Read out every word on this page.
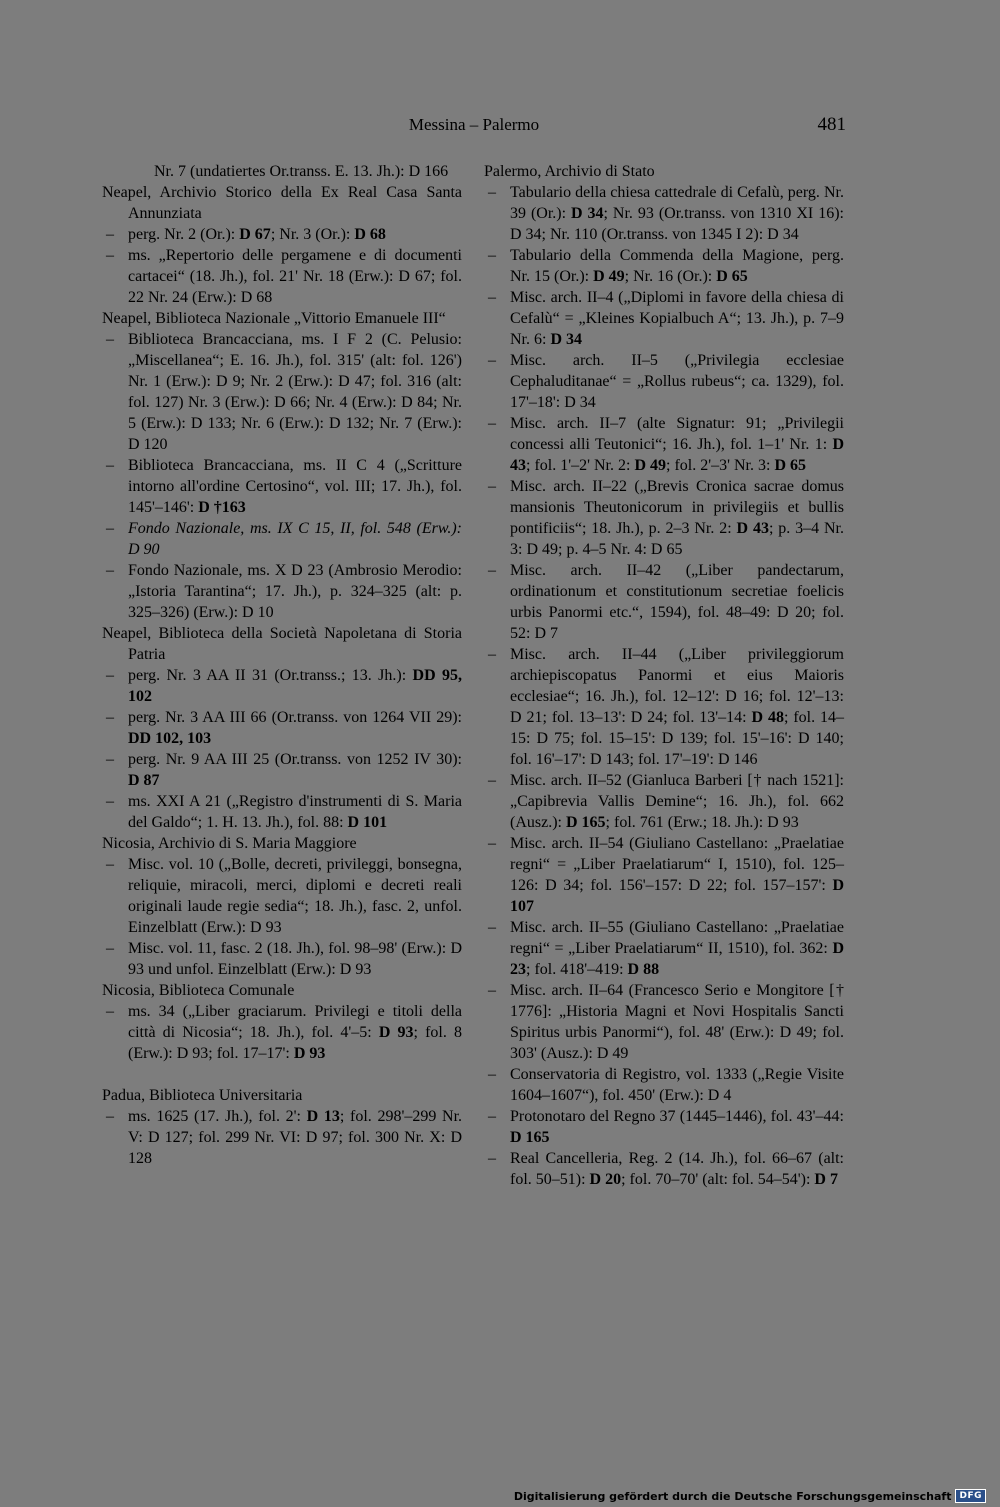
Messina – Palermo	481

Nr. 7 (undatiertes Or.transs. E. 13. Jh.): D 166

Neapel, Archivio Storico della Ex Real Casa Santa Annunziata

– perg. Nr. 2 (Or.): D 67; Nr. 3 (Or.): D 68

– ms. „Repertorio delle pergamene e di documenti cartacei“ (18. Jh.), fol. 21' Nr. 18 (Erw.): D 67; fol. 22 Nr. 24 (Erw.): D 68

Neapel, Biblioteca Nazionale „Vittorio Emanuele III“

– Biblioteca Brancacciana, ms. I F 2 (C. Pelusio: „Miscellanea“; E. 16. Jh.), fol. 315' (alt: fol. 126') Nr. 1 (Erw.): D 9; Nr. 2 (Erw.): D 47; fol. 316 (alt: fol. 127) Nr. 3 (Erw.): D 66; Nr. 4 (Erw.): D 84; Nr. 5 (Erw.): D 133; Nr. 6 (Erw.): D 132; Nr. 7 (Erw.): D 120

– Biblioteca Brancacciana, ms. II C 4 („Scritture intorno all'ordine Certosino“, vol. III; 17. Jh.), fol. 145'–146': D †163

– Fondo Nazionale, ms. IX C 15, II, fol. 548 (Erw.): D 90

– Fondo Nazionale, ms. X D 23 (Ambrosio Merodio: „Istoria Tarantina“; 17. Jh.), p. 324–325 (alt: p. 325–326) (Erw.): D 10

Neapel, Biblioteca della Società Napoletana di Storia Patria

– perg. Nr. 3 AA II 31 (Or.transs.; 13. Jh.): DD 95, 102

– perg. Nr. 3 AA III 66 (Or.transs. von 1264 VII 29): DD 102, 103

– perg. Nr. 9 AA III 25 (Or.transs. von 1252 IV 30): D 87

– ms. XXI A 21 („Registro d'instrumenti di S. Maria del Galdo“; 1. H. 13. Jh.), fol. 88: D 101

Nicosia, Archivio di S. Maria Maggiore

– Misc. vol. 10 („Bolle, decreti, privileggi, bonsegna, reliquie, miracoli, merci, diplomi e decreti reali originali laude regie sedia“; 18. Jh.), fasc. 2, unfol. Einzelblatt (Erw.): D 93

– Misc. vol. 11, fasc. 2 (18. Jh.), fol. 98–98' (Erw.): D 93 und unfol. Einzelblatt (Erw.): D 93

Nicosia, Biblioteca Comunale

– ms. 34 („Liber graciarum. Privilegi e titoli della città di Nicosia“; 18. Jh.), fol. 4'–5: D 93; fol. 8 (Erw.): D 93; fol. 17–17': D 93

Padua, Biblioteca Universitaria

– ms. 1625 (17. Jh.), fol. 2': D 13; fol. 298'–299 Nr. V: D 127; fol. 299 Nr. VI: D 97; fol. 300 Nr. X: D 128

Palermo, Archivio di Stato

– Tabulario della chiesa cattedrale di Cefalù, perg. Nr. 39 (Or.): D 34; Nr. 93 (Or.transs. von 1310 XI 16): D 34; Nr. 110 (Or.transs. von 1345 I 2): D 34

– Tabulario della Commenda della Magione, perg. Nr. 15 (Or.): D 49; Nr. 16 (Or.): D 65

– Misc. arch. II–4 („Diplomi in favore della chiesa di Cefalù“ = „Kleines Kopialbuch A“; 13. Jh.), p. 7–9 Nr. 6: D 34

– Misc. arch. II–5 („Privilegia ecclesiae Cephaluditanae“ = „Rollus rubeus“; ca. 1329), fol. 17'–18': D 34

– Misc. arch. II–7 (alte Signatur: 91; „Privilegii concessi alli Teutonici“; 16. Jh.), fol. 1–1' Nr. 1: D 43; fol. 1'–2' Nr. 2: D 49; fol. 2'–3' Nr. 3: D 65

– Misc. arch. II–22 („Brevis Cronica sacrae domus mansionis Theutonicorum in privilegiis et bullis pontificiis“; 18. Jh.), p. 2–3 Nr. 2: D 43; p. 3–4 Nr. 3: D 49; p. 4–5 Nr. 4: D 65

– Misc. arch. II–42 („Liber pandectarum, ordinationum et constitutionum secretiae foelicis urbis Panormi etc.“, 1594), fol. 48–49: D 20; fol. 52: D 7

– Misc. arch. II–44 („Liber privileggiorum archiepiscopatus Panormi et eius Maioris ecclesiae“; 16. Jh.), fol. 12–12': D 16; fol. 12'–13: D 21; fol. 13–13': D 24; fol. 13'–14: D 48; fol. 14–15: D 75; fol. 15–15': D 139; fol. 15'–16': D 140; fol. 16'–17': D 143; fol. 17'–19': D 146

– Misc. arch. II–52 (Gianluca Barberi [† nach 1521]: „Capibrevia Vallis Demine“; 16. Jh.), fol. 662 (Ausz.): D 165; fol. 761 (Erw.; 18. Jh.): D 93

– Misc. arch. II–54 (Giuliano Castellano: „Praelatiae regni“ = „Liber Praelatiarum“ I, 1510), fol. 125–126: D 34; fol. 156'–157: D 22; fol. 157–157': D 107

– Misc. arch. II–55 (Giuliano Castellano: „Praelatiae regni“ = „Liber Praelatiarum“ II, 1510), fol. 362: D 23; fol. 418'–419: D 88

– Misc. arch. II–64 (Francesco Serio e Mongitore [† 1776]: „Historia Magni et Novi Hospitalis Sancti Spiritus urbis Panormi“), fol. 48' (Erw.): D 49; fol. 303' (Ausz.): D 49

– Conservatoria di Registro, vol. 1333 („Regie Visite 1604–1607“), fol. 450' (Erw.): D 4

– Protonotaro del Regno 37 (1445–1446), fol. 43'–44: D 165

– Real Cancelleria, Reg. 2 (14. Jh.), fol. 66–67 (alt: fol. 50–51): D 20; fol. 70–70' (alt: fol. 54–54'): D 7

Digitalisierung gefördert durch die Deutsche Forschungsgemeinschaft DFG
